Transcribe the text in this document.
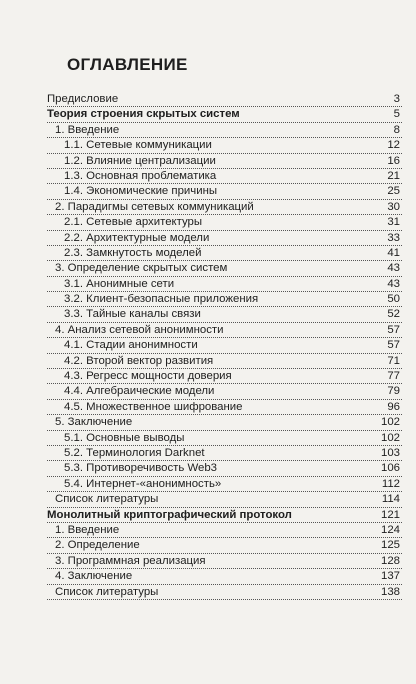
ОГЛАВЛЕНИЕ
Предисловие	3
Теория строения скрытых систем	5
1. Введение	8
1.1. Сетевые коммуникации	12
1.2. Влияние централизации	16
1.3. Основная проблематика	21
1.4. Экономические причины	25
2. Парадигмы сетевых коммуникаций	30
2.1. Сетевые архитектуры	31
2.2. Архитектурные модели	33
2.3. Замкнутость моделей	41
3. Определение скрытых систем	43
3.1. Анонимные сети	43
3.2. Клиент-безопасные приложения	50
3.3. Тайные каналы связи	52
4. Анализ сетевой анонимности	57
4.1. Стадии анонимности	57
4.2. Второй вектор развития	71
4.3. Регресс мощности доверия	77
4.4. Алгебраические модели	79
4.5. Множественное шифрование	96
5. Заключение	102
5.1. Основные выводы	102
5.2. Терминология Darknet	103
5.3. Противоречивость Web3	106
5.4. Интернет-«анонимность»	112
Список литературы	114
Монолитный криптографический протокол	121
1. Введение	124
2. Определение	125
3. Программная реализация	128
4. Заключение	137
Список литературы	138
